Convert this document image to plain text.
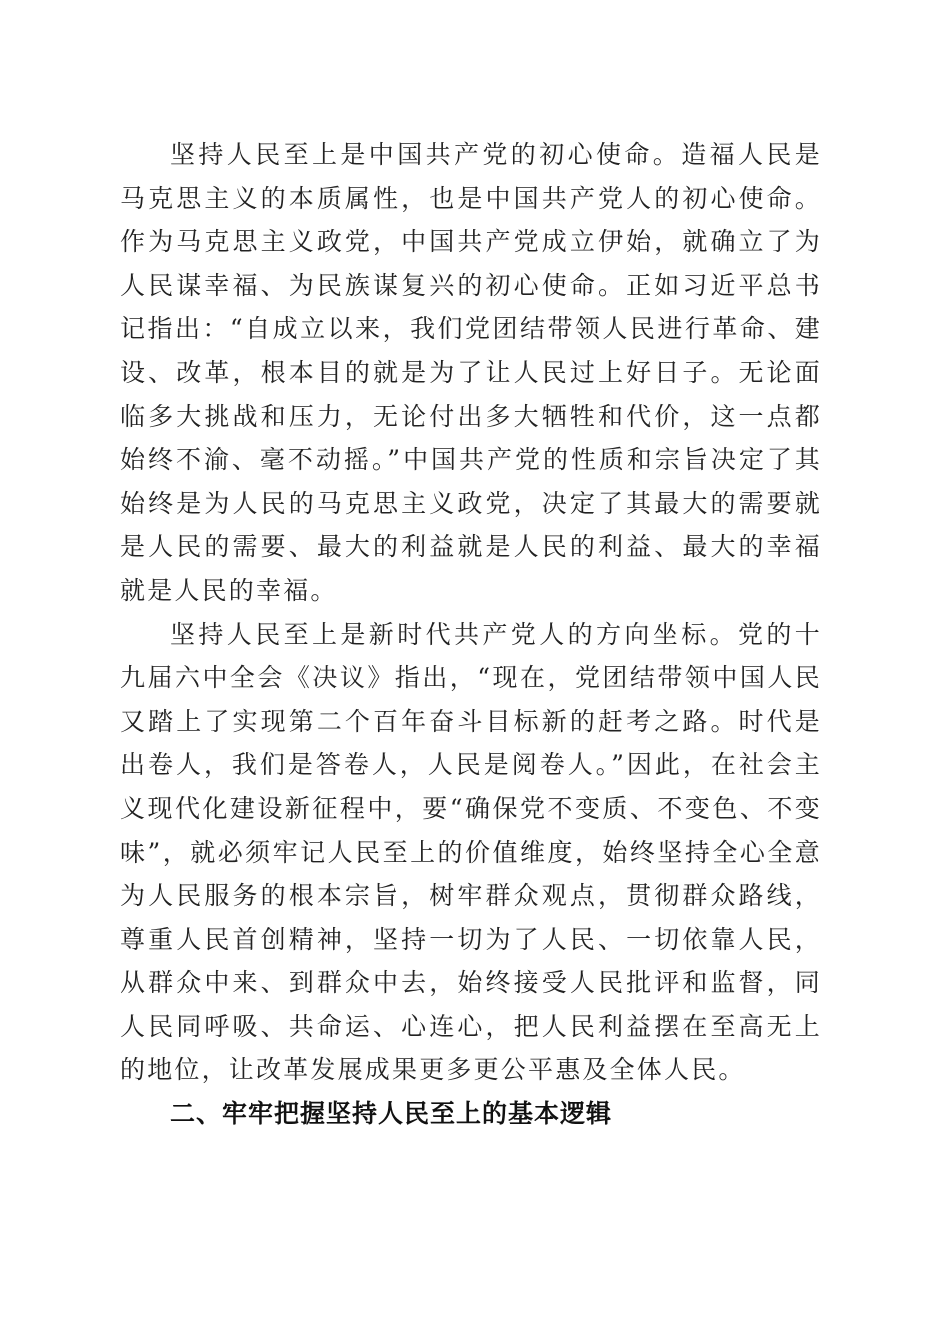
坚持人民至上是中国共产党的初心使命。造福人民是马克思主义的本质属性，也是中国共产党人的初心使命。作为马克思主义政党，中国共产党成立伊始，就确立了为人民谋幸福、为民族谋复兴的初心使命。正如习近平总书记指出：“自成立以来，我们党团结带领人民进行革命、建设、改革，根本目的就是为了让人民过上好日子。无论面临多大挑战和压力，无论付出多大牺牲和代价，这一点都始终不渝、毫不动摇。”中国共产党的性质和宗旨决定了其始终是为人民的马克思主义政党，决定了其最大的需要就是人民的需要、最大的利益就是人民的利益、最大的幸福就是人民的幸福。

坚持人民至上是新时代共产党人的方向坐标。党的十九届六中全会《决议》指出，“现在，党团结带领中国人民又踏上了实现第二个百年奋斗目标新的赶考之路。时代是出卷人，我们是答卷人，人民是阅卷人。”因此，在社会主义现代化建设新征程中，要“确保党不变质、不变色、不变味”，就必须牢记人民至上的价值维度，始终坚持全心全意为人民服务的根本宗旨，树牢群众观点，贯彻群众路线，尊重人民首创精神，坚持一切为了人民、一切依靠人民，从群众中来、到群众中去，始终接受人民批评和监督，同人民同呼吸、共命运、心连心，把人民利益摆在至高无上的地位，让改革发展成果更多更公平惠及全体人民。

二、牢牢把握坚持人民至上的基本逻辑
